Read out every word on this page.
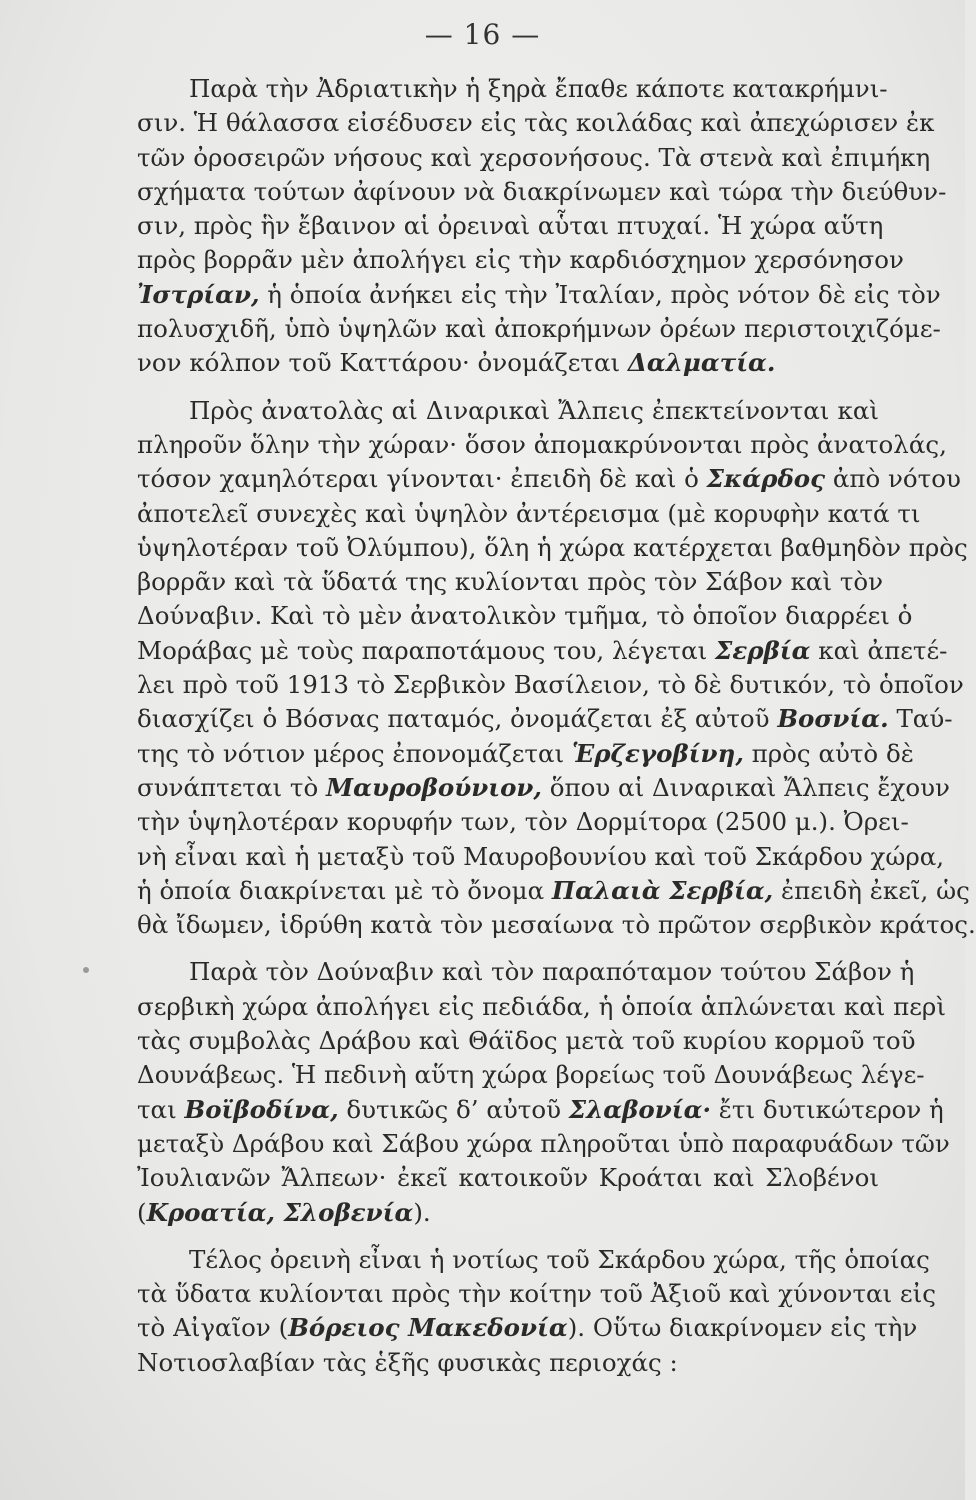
— 16 —
Παρὰ τὴν Ἀδριατικὴν ἡ ξηρὰ ἔπαθε κάποτε κατακρήμνι-
σιν. Ἡ θάλασσα εἰσέδυσεν εἰς τὰς κοιλάδας καὶ ἀπεχώρισεν ἐκ
τῶν ὀροσειρῶν νήσους καὶ χερσονήσους. Τὰ στενὰ καὶ ἐπιμήκη
σχήματα τούτων ἀφίνουν νὰ διακρίνωμεν καὶ τώρα τὴν διεύθυν-
σιν, πρὸς ἣν ἔβαινον αἱ ὀρειναὶ αὗται πτυχαί. Ἡ χώρα αὕτη
πρὸς βορρᾶν μὲν ἀπολήγει εἰς τὴν καρδιόσχημον χερσόνησον
Ἰστρίαν, ἡ ὁποία ἀνήκει εἰς τὴν Ἰταλίαν, πρὸς νότον δὲ εἰς τὸν
πολυσχιδῆ, ὑπὸ ὑψηλῶν καὶ ἀποκρήμνων ὀρέων περιστοιχιζόμε-
νον κόλπον τοῦ Καττάρου· ὀνομάζεται Δαλματία.
Πρὸς ἀνατολὰς αἱ Διναρικαὶ Ἄλπεις ἐπεκτείνονται καὶ
πληροῦν ὅλην τὴν χώραν· ὅσον ἀπομακρύνονται πρὸς ἀνατολάς,
τόσον χαμηλότεραι γίνονται· ἐπειδὴ δὲ καὶ ὁ Σκάρδος ἀπὸ νότου
ἀποτελεῖ συνεχὲς καὶ ὑψηλὸν ἀντέρεισμα (μὲ κορυφὴν κατά τι
ὑψηλοτέραν τοῦ Ὀλύμπου), ὅλη ἡ χώρα κατέρχεται βαθμηδὸν πρὸς
βορρᾶν καὶ τὰ ὕδατά της κυλίονται πρὸς τὸν Σάβον καὶ τὸν
Δούναβιν. Καὶ τὸ μὲν ἀνατολικὸν τμῆμα, τὸ ὁποῖον διαρρέει ὁ
Μοράβας μὲ τοὺς παραποτάμους του, λέγεται Σερβία καὶ ἀπετέ-
λει πρὸ τοῦ 1913 τὸ Σερβικὸν Βασίλειον, τὸ δὲ δυτικόν, τὸ ὁποῖον
διασχίζει ὁ Βόσνας παταμός, ὀνομάζεται ἐξ αὐτοῦ Βοσνία. Ταύ-
της τὸ νότιον μέρος ἐπονομάζεται Ἑρζεγοβίνη, πρὸς αὐτὸ δὲ
συνάπτεται τὸ Μαυροβούνιον, ὅπου αἱ Διναρικαὶ Ἄλπεις ἔχουν
τὴν ὑψηλοτέραν κορυφήν των, τὸν Δορμίτορα (2500 μ.). Ὀρει-
νὴ εἶναι καὶ ἡ μεταξὺ τοῦ Μαυροβουνίου καὶ τοῦ Σκάρδου χώρα,
ἡ ὁποία διακρίνεται μὲ τὸ ὄνομα Παλαιὰ Σερβία, ἐπειδὴ ἐκεῖ, ὡς
θὰ ἴδωμεν, ἱδρύθη κατὰ τὸν μεσαίωνα τὸ πρῶτον σερβικὸν κράτος.
Παρὰ τὸν Δούναβιν καὶ τὸν παραπόταμον τούτου Σάβον ἡ
σερβικὴ χώρα ἀπολήγει εἰς πεδιάδα, ἡ ὁποία ἁπλώνεται καὶ περὶ
τὰς συμβολὰς Δράβου καὶ Θάϊδος μετὰ τοῦ κυρίου κορμοῦ τοῦ
Δουνάβεως. Ἡ πεδινὴ αὕτη χώρα βορείως τοῦ Δουνάβεως λέγε-
ται Βοϊβοδίνα, δυτικῶς δ’ αὐτοῦ Σλαβονία· ἔτι δυτικώτερον ἡ
μεταξὺ Δράβου καὶ Σάβου χώρα πληροῦται ὑπὸ παραφυάδων τῶν
Ἰουλιανῶν Ἄλπεων· ἐκεῖ κατοικοῦν Κροάται καὶ Σλοβένοι
(Κροατία, Σλοβενία).
Τέλος ὀρεινὴ εἶναι ἡ νοτίως τοῦ Σκάρδου χώρα, τῆς ὁποίας
τὰ ὕδατα κυλίονται πρὸς τὴν κοίτην τοῦ Ἀξιοῦ καὶ χύνονται εἰς
τὸ Αἰγαῖον (Βόρειος Μακεδονία). Οὕτω διακρίνομεν εἰς τὴν
Νοτιοσλαβίαν τὰς ἑξῆς φυσικὰς περιοχάς :
